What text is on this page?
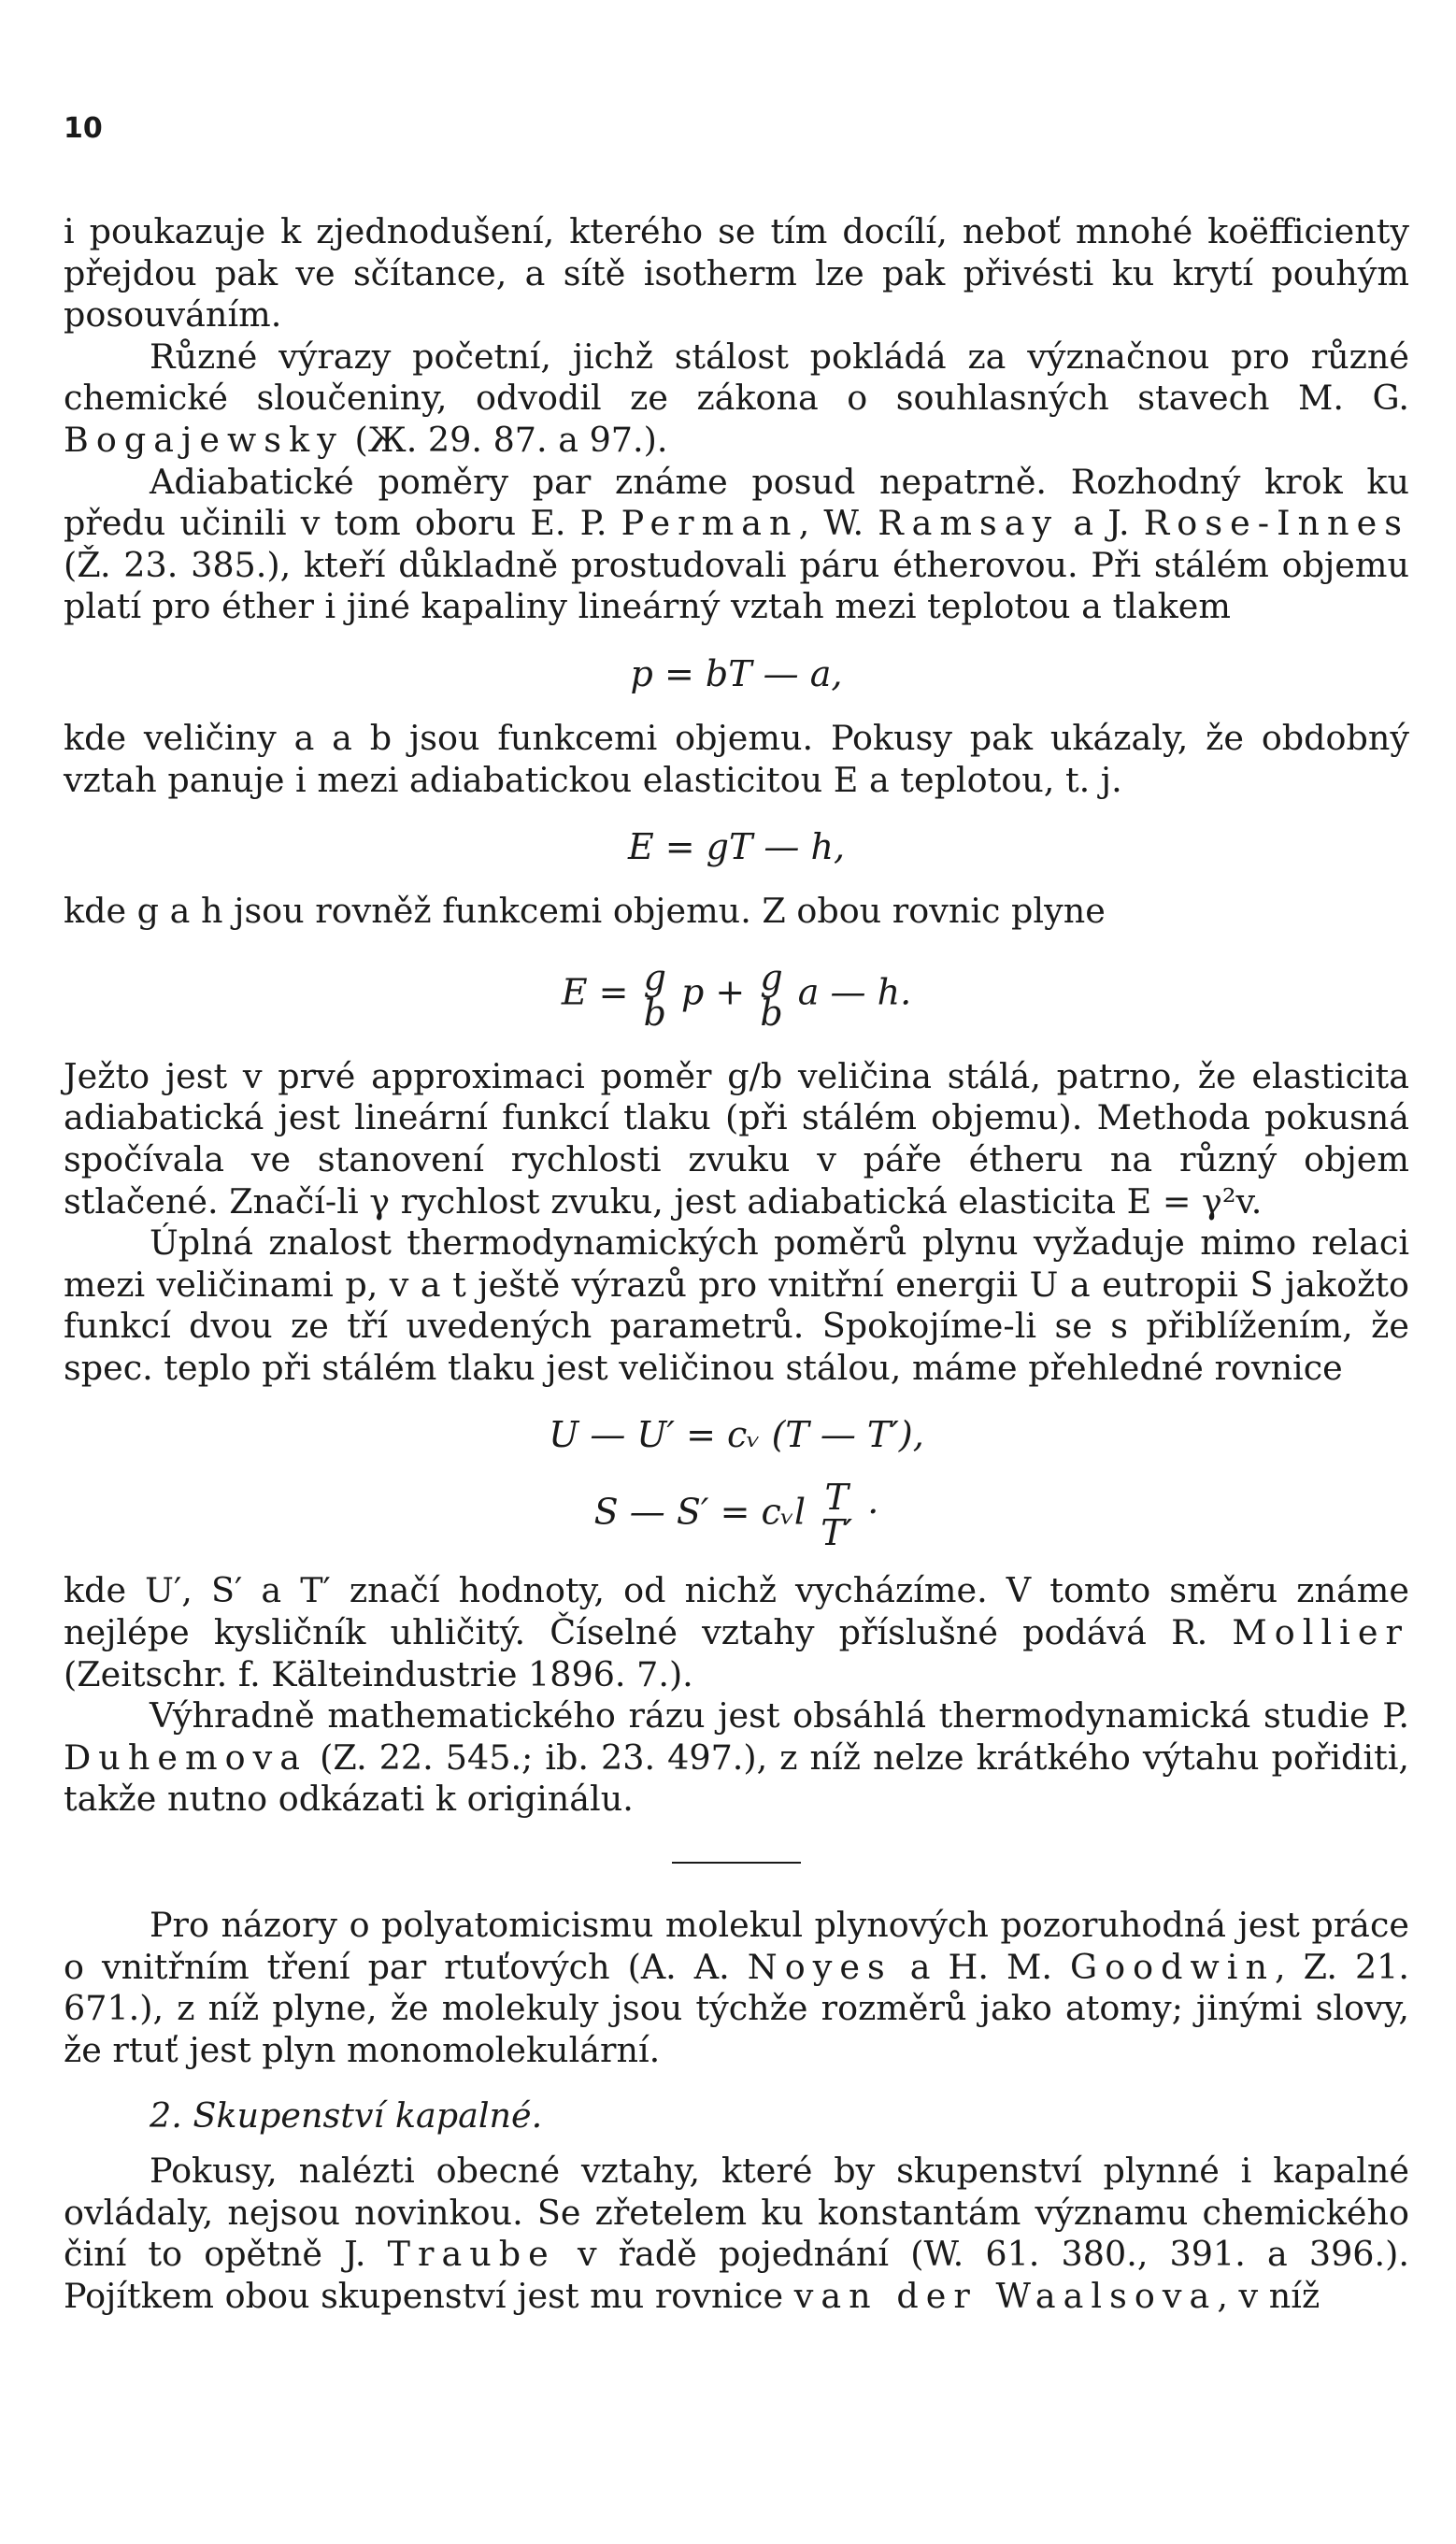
10

i poukazuje k zjednodušení, kterého se tím docílí, neboť mnohé koëfficienty přejdou pak ve sčítance, a sítě isotherm lze pak přivésti ku krytí pouhým posouváním.

Různé výrazy početní, jichž stálost pokládá za význačnou pro různé chemické sloučeniny, odvodil ze zákona o souhlasných stavech M. G. Bogajewsky (Ж. 29. 87. a 97.).

Adiabatické poměry par známe posud nepatrně. Rozhodný krok ku předu učinili v tom oboru E. P. Perman, W. Ramsay a J. Rose-Innes (Ž. 23. 385.), kteří důkladně prostudovali páru étherovou. Při stálém objemu platí pro éther i jiné kapaliny lineárný vztah mezi teplotou a tlakem

p = bT — a,

kde veličiny a a b jsou funkcemi objemu. Pokusy pak ukázaly, že obdobný vztah panuje i mezi adiabatickou elasticitou E a teplotou, t. j.

E = gT — h,

kde g a h jsou rovněž funkcemi objemu. Z obou rovnic plyne

E = g
b
p + g
b
a — h.

Ježto jest v prvé approximaci poměr g/b veličina stálá, patrno, že elasticita adiabatická jest lineární funkcí tlaku (při stálém objemu). Methoda pokusná spočívala ve stanovení rychlosti zvuku v páře étheru na různý objem stlačené. Značí-li γ rychlost zvuku, jest adiabatická elasticita E = γ²v.

Úplná znalost thermodynamických poměrů plynu vyžaduje mimo relaci mezi veličinami p, v a t ještě výrazů pro vnitřní energii U a eutropii S jakožto funkcí dvou ze tří uvedených parametrů. Spokojíme-li se s přiblížením, že spec. teplo při stálém tlaku jest veličinou stálou, máme přehledné rovnice

U — U′ = cᵥ (T — T′),
S — S′ = cᵥl T
T′
·

kde U′, S′ a T′ značí hodnoty, od nichž vycházíme. V tomto směru známe nejlépe kysličník uhličitý. Číselné vztahy příslušné podává R. Mollier (Zeitschr. f. Kälteindustrie 1896. 7.).

Výhradně mathematického rázu jest obsáhlá thermodynamická studie P. Duhemova (Z. 22. 545.; ib. 23. 497.), z níž nelze krátkého výtahu pořiditi, takže nutno odkázati k originálu.

Pro názory o polyatomicismu molekul plynových pozoruhodná jest práce o vnitřním tření par rtuťových (A. A. Noyes a H. M. Goodwin, Z. 21. 671.), z níž plyne, že molekuly jsou týchže rozměrů jako atomy; jinými slovy, že rtuť jest plyn monomolekulární.

2. Skupenství kapalné.

Pokusy, nalézti obecné vztahy, které by skupenství plynné i kapalné ovládaly, nejsou novinkou. Se zřetelem ku konstantám významu chemického činí to opětně J. Traube v řadě pojednání (W. 61. 380., 391. a 396.). Pojítkem obou skupenství jest mu rovnice van der Waalsova, v níž
